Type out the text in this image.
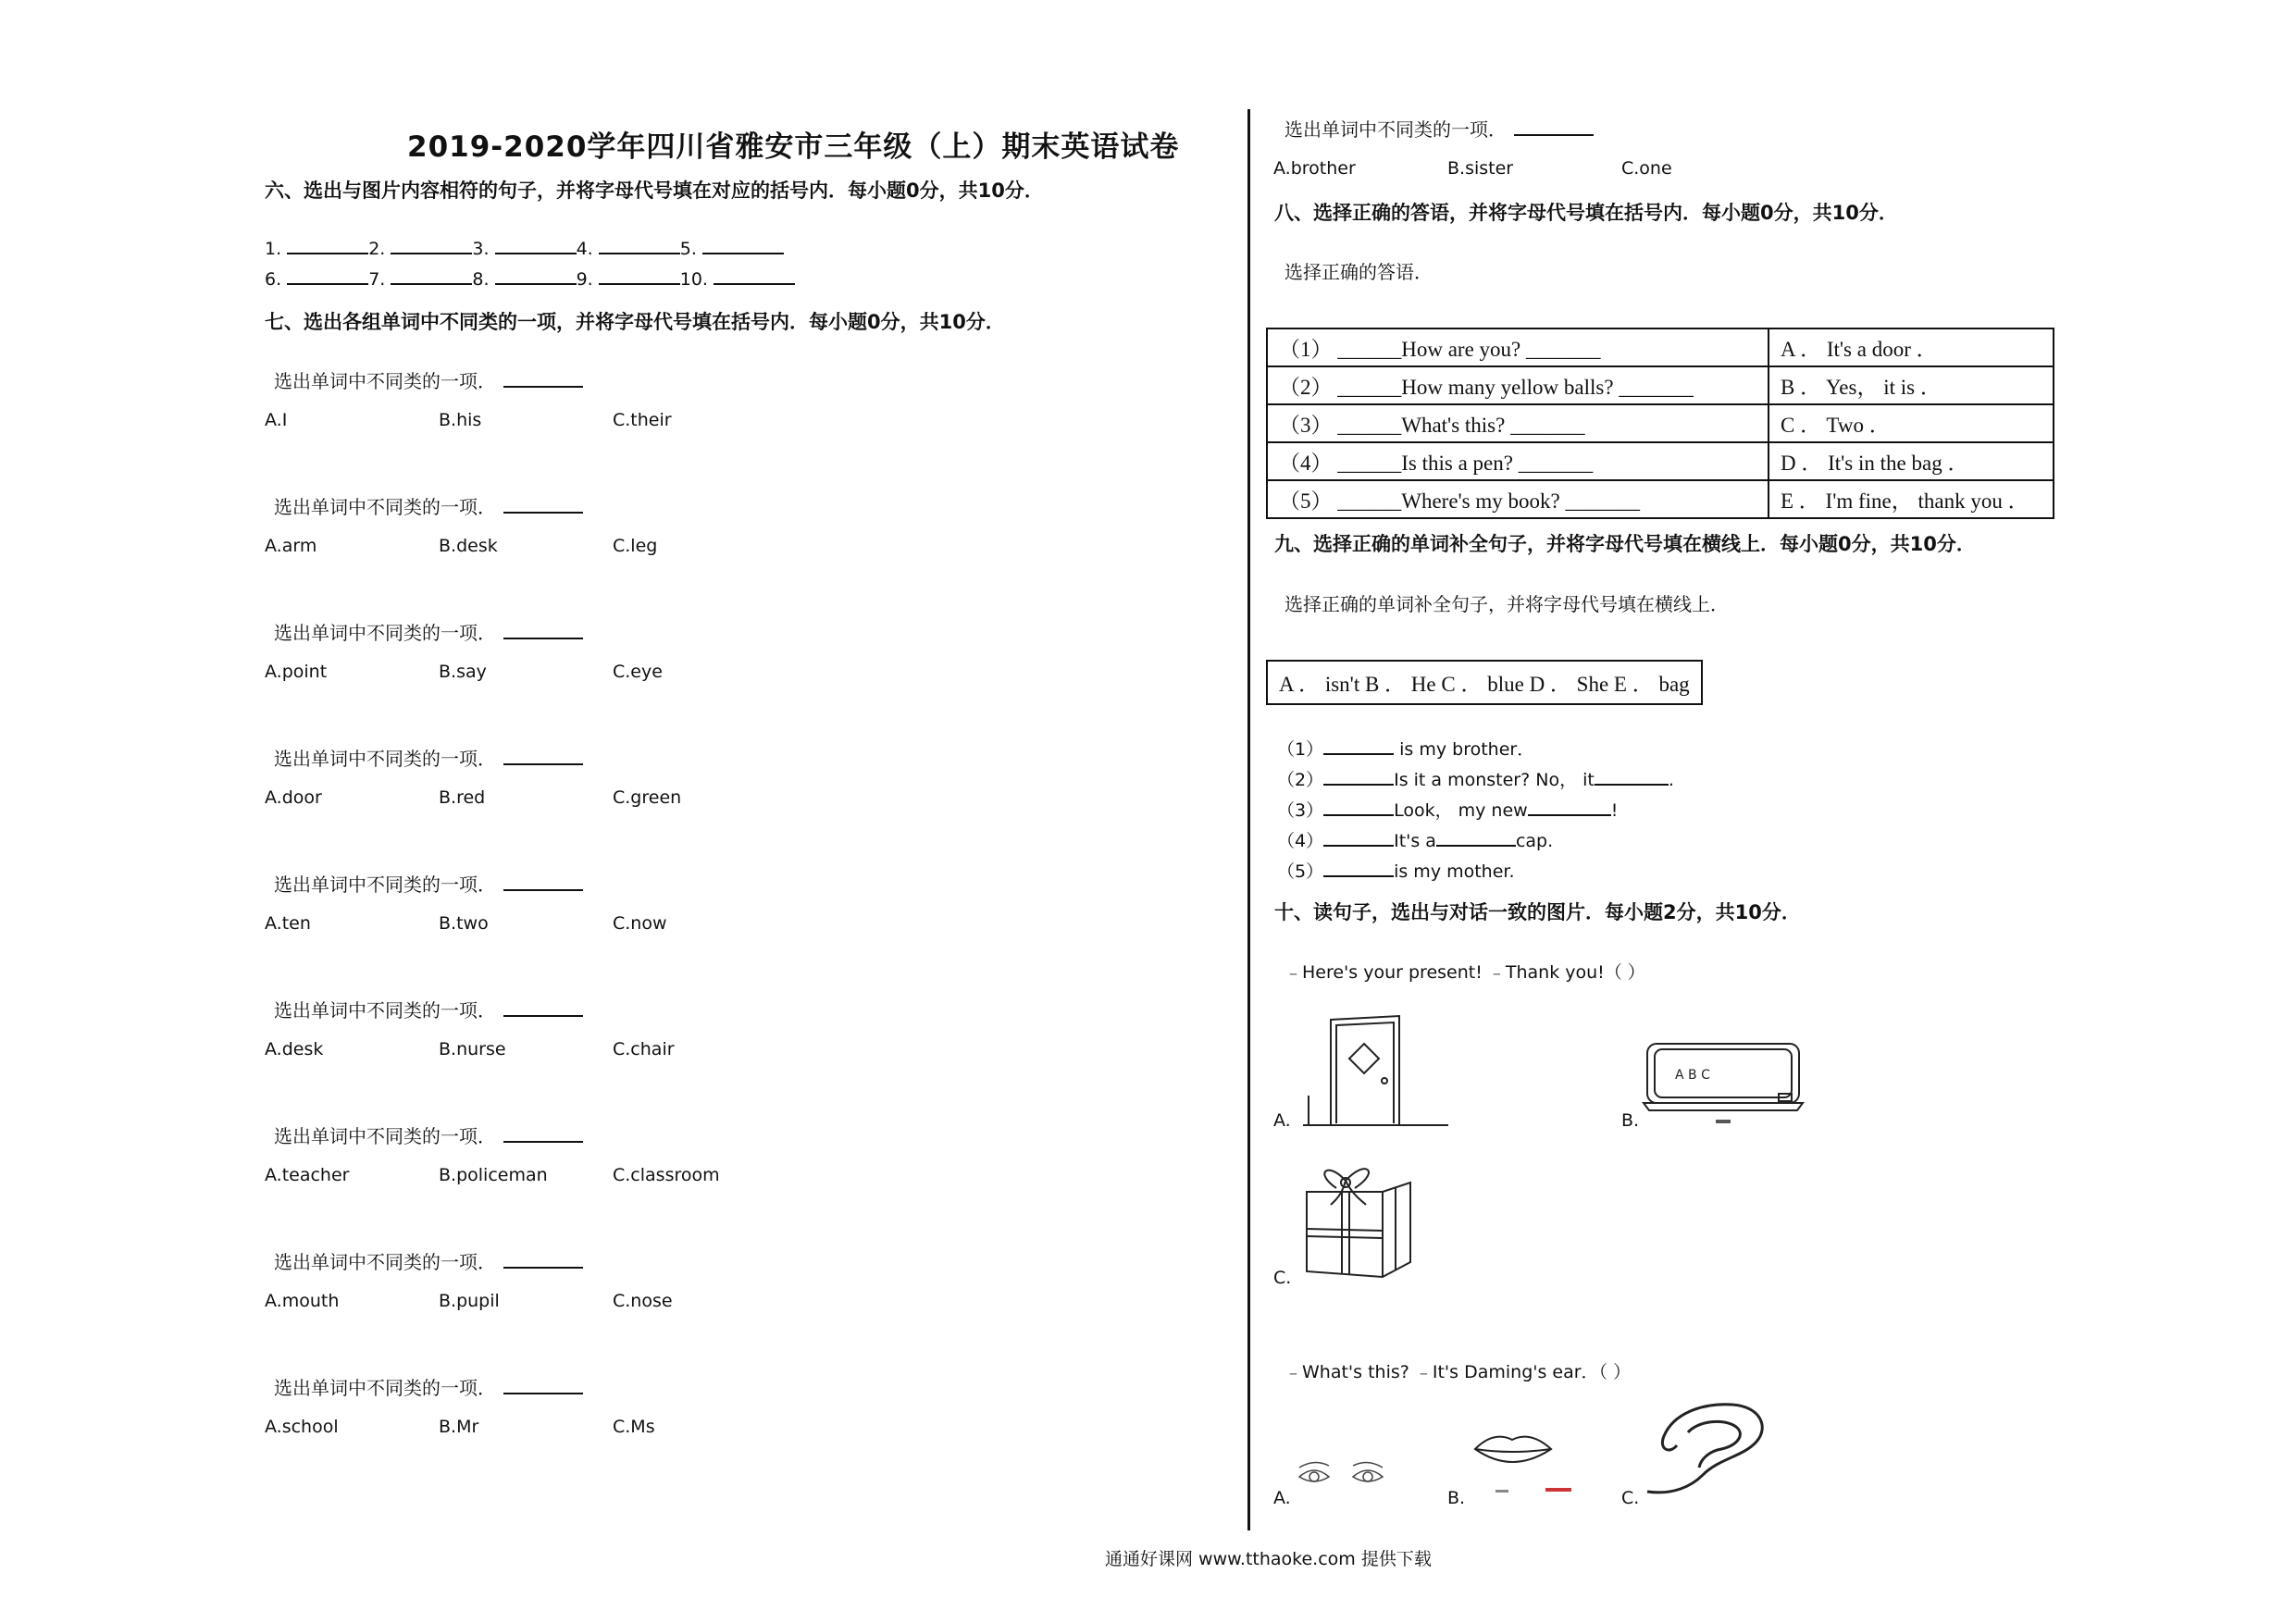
2019-2020学年四川省雅安市三年级（上）期末英语试卷
六、选出与图片内容相符的句子，并将字母代号填在对应的括号内．每小题0分，共10分．
1.	2.	3.	4.	5.
6.	7.	8.	9.	10.
七、选出各组单词中不同类的一项，并将字母代号填在括号内．每小题0分，共10分．
选出单词中不同类的一项．
A.I	B.his	C.their
选出单词中不同类的一项．
A.arm	B.desk	C.leg
选出单词中不同类的一项．
A.point	B.say	C.eye
选出单词中不同类的一项．
A.door	B.red	C.green
选出单词中不同类的一项．
A.ten	B.two	C.now
选出单词中不同类的一项．
A.desk	B.nurse	C.chair
选出单词中不同类的一项．
A.teacher	B.policeman	C.classroom
选出单词中不同类的一项．
A.mouth	B.pupil	C.nose
选出单词中不同类的一项．
A.school	B.Mr	C.Ms
选出单词中不同类的一项．
A.brother	B.sister	C.one
八、选择正确的答语，并将字母代号填在括号内．每小题0分，共10分．
选择正确的答语．
（1） ______How are you? _______	A ． It's a door ．
（2） ______How many yellow balls? _______	B ． Yes， it is ．
（3） ______What's this? _______	C ． Two ．
（4） ______Is this a pen? _______	D ． It's in the bag ．
（5） ______Where's my book? _______	E ． I'm fine， thank you ．
九、选择正确的单词补全句子，并将字母代号填在横线上．每小题0分，共10分．
选择正确的单词补全句子，并将字母代号填在横线上．
A ． isn't B ． He C ． blue D ． She E ． bag
（1）	is my brother．
（2）	Is it a monster? No， it	.
（3）	Look， my new	!
（4）	It's a	cap.
（5）	is my mother.
十、读句子，选出与对话一致的图片．每小题2分，共10分．
﹣Here's your present! ﹣Thank you!（ ）
A.	B.
A B C
C.
﹣What's this? ﹣It's Daming's ear．（ ）
A.	B.	C.
通通好课网 www.tthaoke.com 提供下载
